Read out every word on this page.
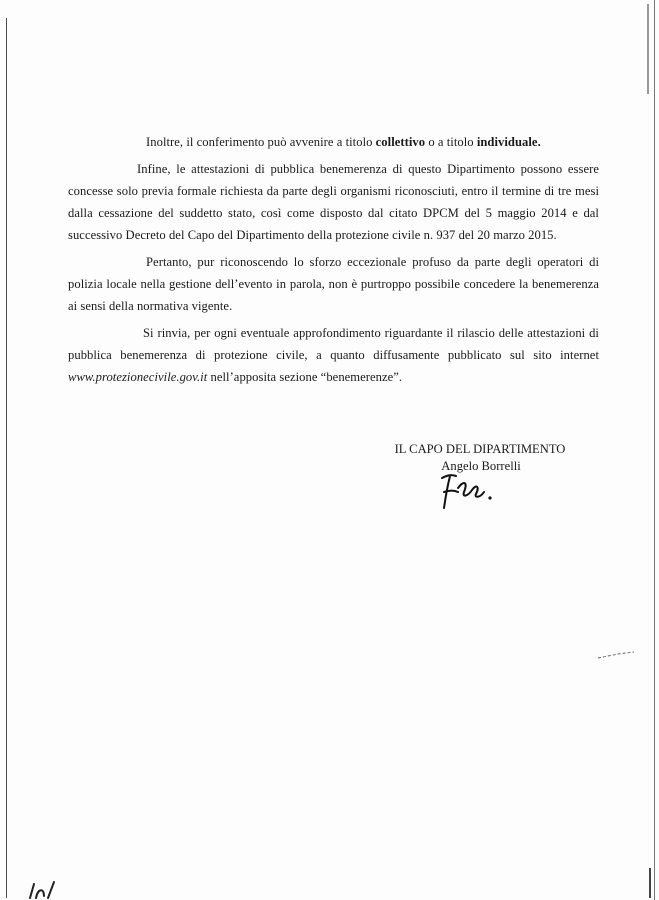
Inoltre, il conferimento può avvenire a titolo collettivo o a titolo individuale.

Infine, le attestazioni di pubblica benemerenza di questo Dipartimento possono essere concesse solo previa formale richiesta da parte degli organismi riconosciuti, entro il termine di tre mesi dalla cessazione del suddetto stato, così come disposto dal citato DPCM del 5 maggio 2014 e dal successivo Decreto del Capo del Dipartimento della protezione civile n. 937 del 20 marzo 2015.

Pertanto, pur riconoscendo lo sforzo eccezionale profuso da parte degli operatori di polizia locale nella gestione dell’evento in parola, non è purtroppo possibile concedere la benemerenza ai sensi della normativa vigente.

Si rinvia, per ogni eventuale approfondimento riguardante il rilascio delle attestazioni di pubblica benemerenza di protezione civile, a quanto diffusamente pubblicato sul sito internet www.protezionecivile.gov.it nell’apposita sezione “benemerenze”.

IL CAPO DEL DIPARTIMENTO
Angelo Borrelli
